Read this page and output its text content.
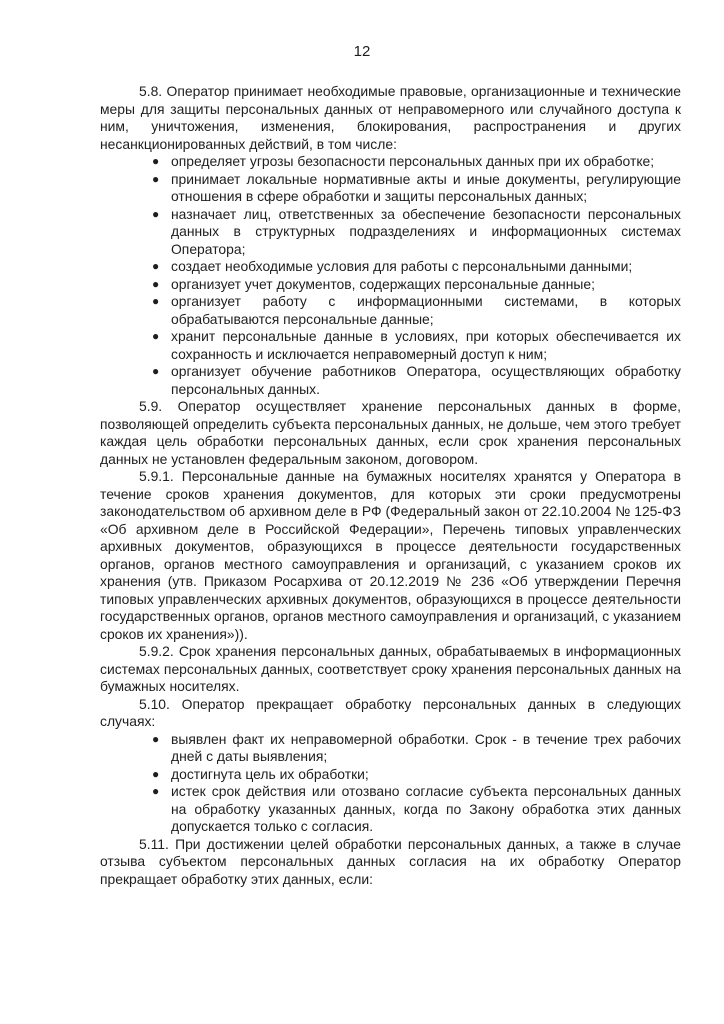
12

5.8. Оператор принимает необходимые правовые, организационные и технические меры для защиты персональных данных от неправомерного или случайного доступа к ним, уничтожения, изменения, блокирования, распространения и других несанкционированных действий, в том числе:

● определяет угрозы безопасности персональных данных при их обработке;
● принимает локальные нормативные акты и иные документы, регулирующие отношения в сфере обработки и защиты персональных данных;
● назначает лиц, ответственных за обеспечение безопасности персональных данных в структурных подразделениях и информационных системах Оператора;
● создает необходимые условия для работы с персональными данными;
● организует учет документов, содержащих персональные данные;
● организует работу с информационными системами, в которых обрабатываются персональные данные;
● хранит персональные данные в условиях, при которых обеспечивается их сохранность и исключается неправомерный доступ к ним;
● организует обучение работников Оператора, осуществляющих обработку персональных данных.

5.9. Оператор осуществляет хранение персональных данных в форме, позволяющей определить субъекта персональных данных, не дольше, чем этого требует каждая цель обработки персональных данных, если срок хранения персональных данных не установлен федеральным законом, договором.

5.9.1. Персональные данные на бумажных носителях хранятся у Оператора в течение сроков хранения документов, для которых эти сроки предусмотрены законодательством об архивном деле в РФ (Федеральный закон от 22.10.2004 № 125-ФЗ «Об архивном деле в Российской Федерации», Перечень типовых управленческих архивных документов, образующихся в процессе деятельности государственных органов, органов местного самоуправления и организаций, с указанием сроков их хранения (утв. Приказом Росархива от 20.12.2019 № 236 «Об утверждении Перечня типовых управленческих архивных документов, образующихся в процессе деятельности государственных органов, органов местного самоуправления и организаций, с указанием сроков их хранения»)).

5.9.2. Срок хранения персональных данных, обрабатываемых в информационных системах персональных данных, соответствует сроку хранения персональных данных на бумажных носителях.

5.10. Оператор прекращает обработку персональных данных в следующих случаях:

● выявлен факт их неправомерной обработки. Срок - в течение трех рабочих дней с даты выявления;
● достигнута цель их обработки;
● истек срок действия или отозвано согласие субъекта персональных данных на обработку указанных данных, когда по Закону обработка этих данных допускается только с согласия.

5.11. При достижении целей обработки персональных данных, а также в случае отзыва субъектом персональных данных согласия на их обработку Оператор прекращает обработку этих данных, если:
